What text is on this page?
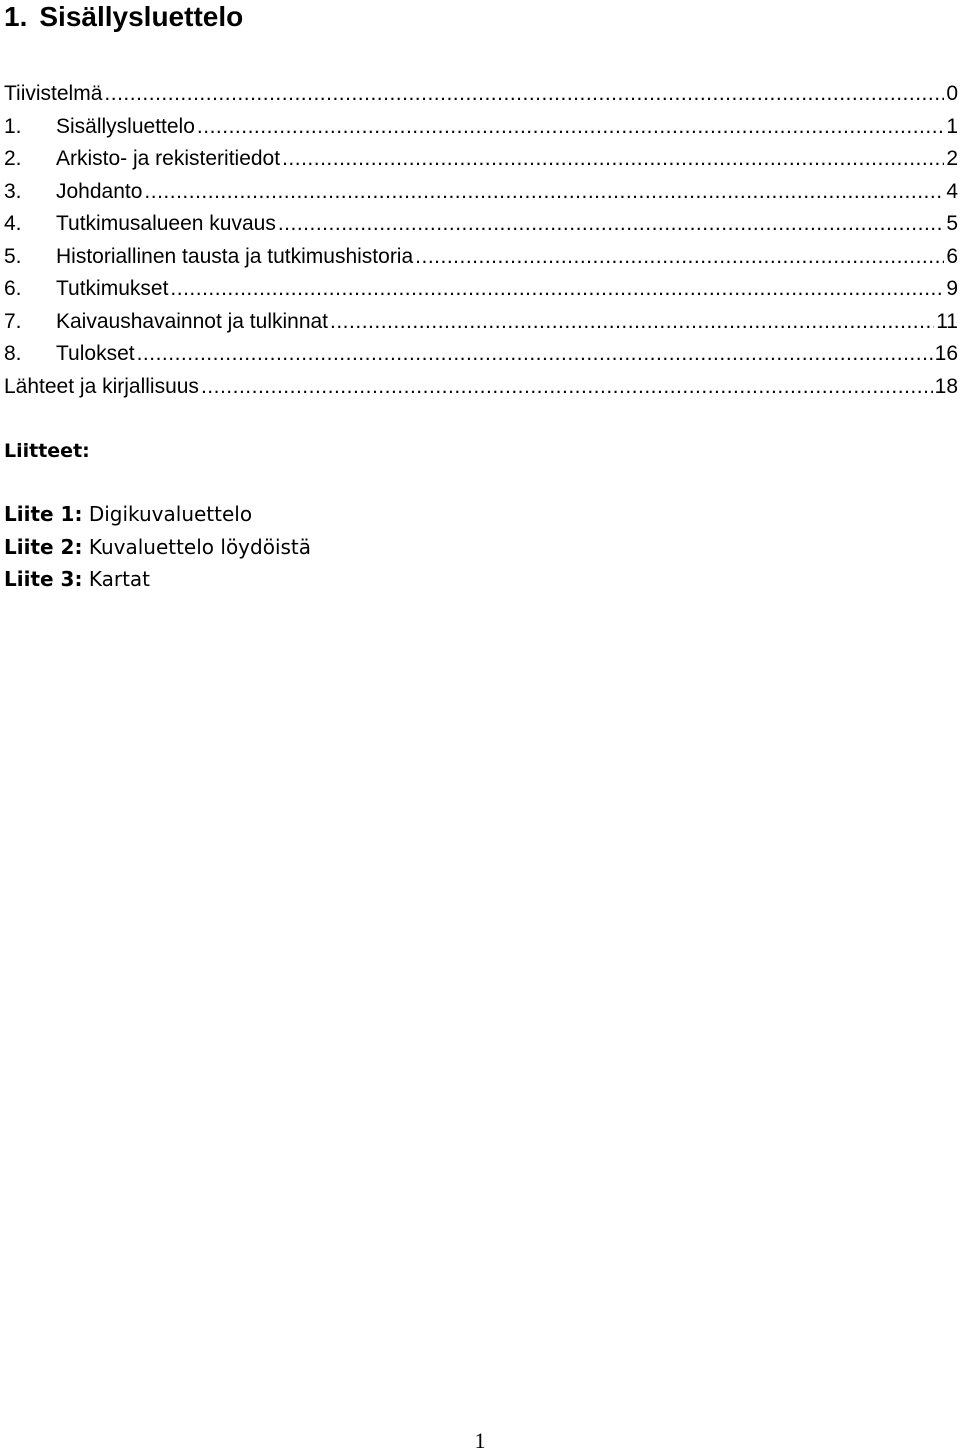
1. Sisällysluettelo
Tiivistelmä .....	0
1.	Sisällysluettelo .....	1
2.	Arkisto- ja rekisteritiedot .....	2
3.	Johdanto .....	4
4.	Tutkimusalueen kuvaus .....	5
5.	Historiallinen tausta ja tutkimushistoria .....	6
6.	Tutkimukset .....	9
7.	Kaivaushavainnot ja tulkinnat .....	11
8.	Tulokset .....	16
Lähteet ja kirjallisuus .....	18
Liitteet:
Liite 1: Digikuvaluettelo
Liite 2: Kuvaluettelo löydöistä
Liite 3: Kartat
1
